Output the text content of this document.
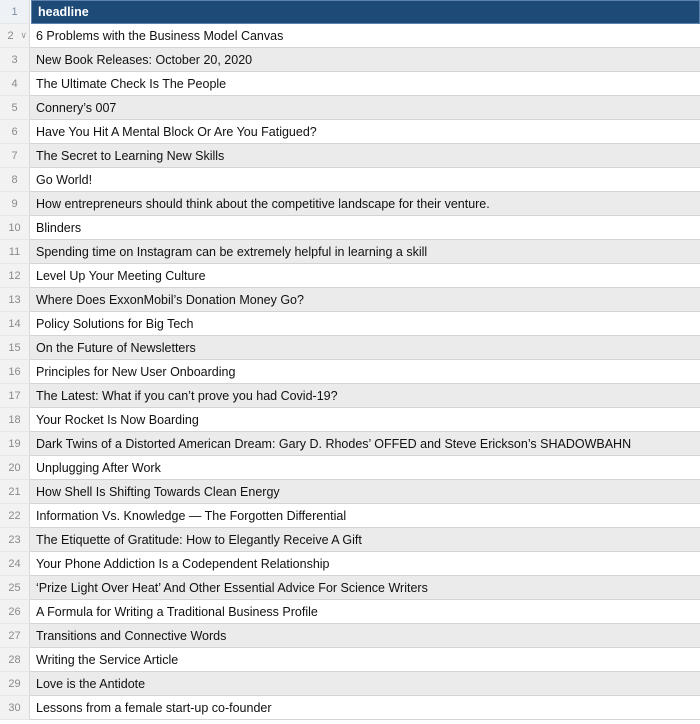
1	headline
2 ∨ 6 Problems with the Business Model Canvas
3	New Book Releases: October 20, 2020
4	The Ultimate Check Is The People
5	Connery’s 007
6	Have You Hit A Mental Block Or Are You Fatigued?
7	The Secret to Learning New Skills
8	Go World!
9	How entrepreneurs should think about the competitive landscape for their venture.
10	Blinders
11	Spending time on Instagram can be extremely helpful in learning a skill
12	Level Up Your Meeting Culture
13	Where Does ExxonMobil’s Donation Money Go?
14	Policy Solutions for Big Tech
15	On the Future of Newsletters
16	Principles for New User Onboarding
17	The Latest: What if you can’t prove you had Covid-19?
18	Your Rocket Is Now Boarding
19	Dark Twins of a Distorted American Dream: Gary D. Rhodes’ OFFED and Steve Erickson’s SHADOWBAHN
20	Unplugging After Work
21	How Shell Is Shifting Towards Clean Energy
22	Information Vs. Knowledge — The Forgotten Differential
23	The Etiquette of Gratitude: How to Elegantly Receive A Gift
24	Your Phone Addiction Is a Codependent Relationship
25	‘Prize Light Over Heat’ And Other Essential Advice For Science Writers
26	A Formula for Writing a Traditional Business Profile
27	Transitions and Connective Words
28	Writing the Service Article
29	Love is the Antidote
30	Lessons from a female start-up co-founder
